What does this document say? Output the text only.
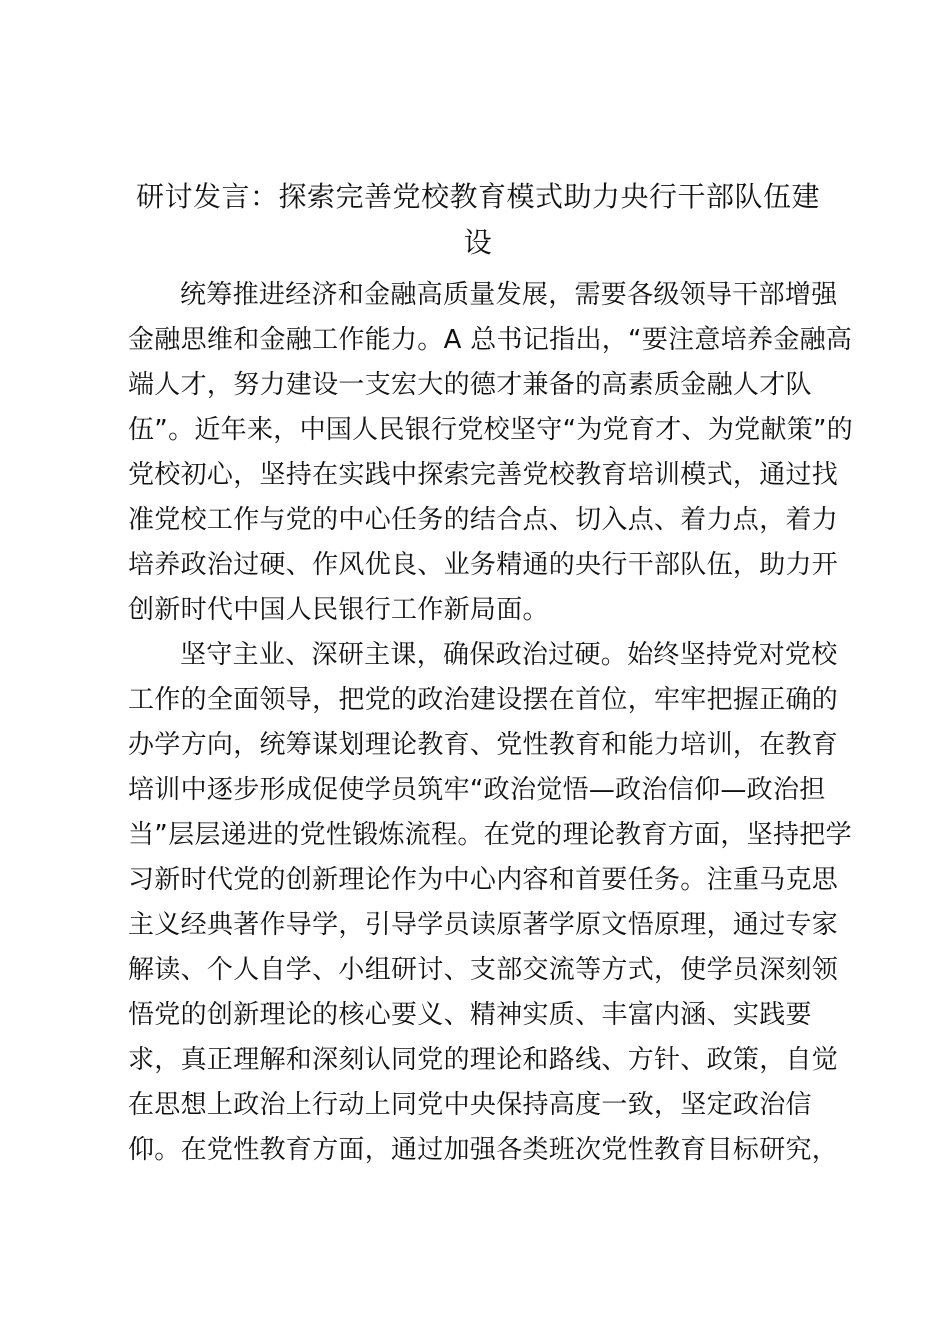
研讨发言：探索完善党校教育模式助力央行干部队伍建
设
统筹推进经济和金融高质量发展，需要各级领导干部增强
金融思维和金融工作能力。A 总书记指出，“要注意培养金融高
端人才，努力建设一支宏大的德才兼备的高素质金融人才队
伍”。近年来，中国人民银行党校坚守“为党育才、为党献策”的
党校初心，坚持在实践中探索完善党校教育培训模式，通过找
准党校工作与党的中心任务的结合点、切入点、着力点，着力
培养政治过硬、作风优良、业务精通的央行干部队伍，助力开
创新时代中国人民银行工作新局面。
坚守主业、深研主课，确保政治过硬。始终坚持党对党校
工作的全面领导，把党的政治建设摆在首位，牢牢把握正确的
办学方向，统筹谋划理论教育、党性教育和能力培训，在教育
培训中逐步形成促使学员筑牢“政治觉悟—政治信仰—政治担
当”层层递进的党性锻炼流程。在党的理论教育方面，坚持把学
习新时代党的创新理论作为中心内容和首要任务。注重马克思
主义经典著作导学，引导学员读原著学原文悟原理，通过专家
解读、个人自学、小组研讨、支部交流等方式，使学员深刻领
悟党的创新理论的核心要义、精神实质、丰富内涵、实践要
求，真正理解和深刻认同党的理论和路线、方针、政策，自觉
在思想上政治上行动上同党中央保持高度一致，坚定政治信
仰。在党性教育方面，通过加强各类班次党性教育目标研究，
